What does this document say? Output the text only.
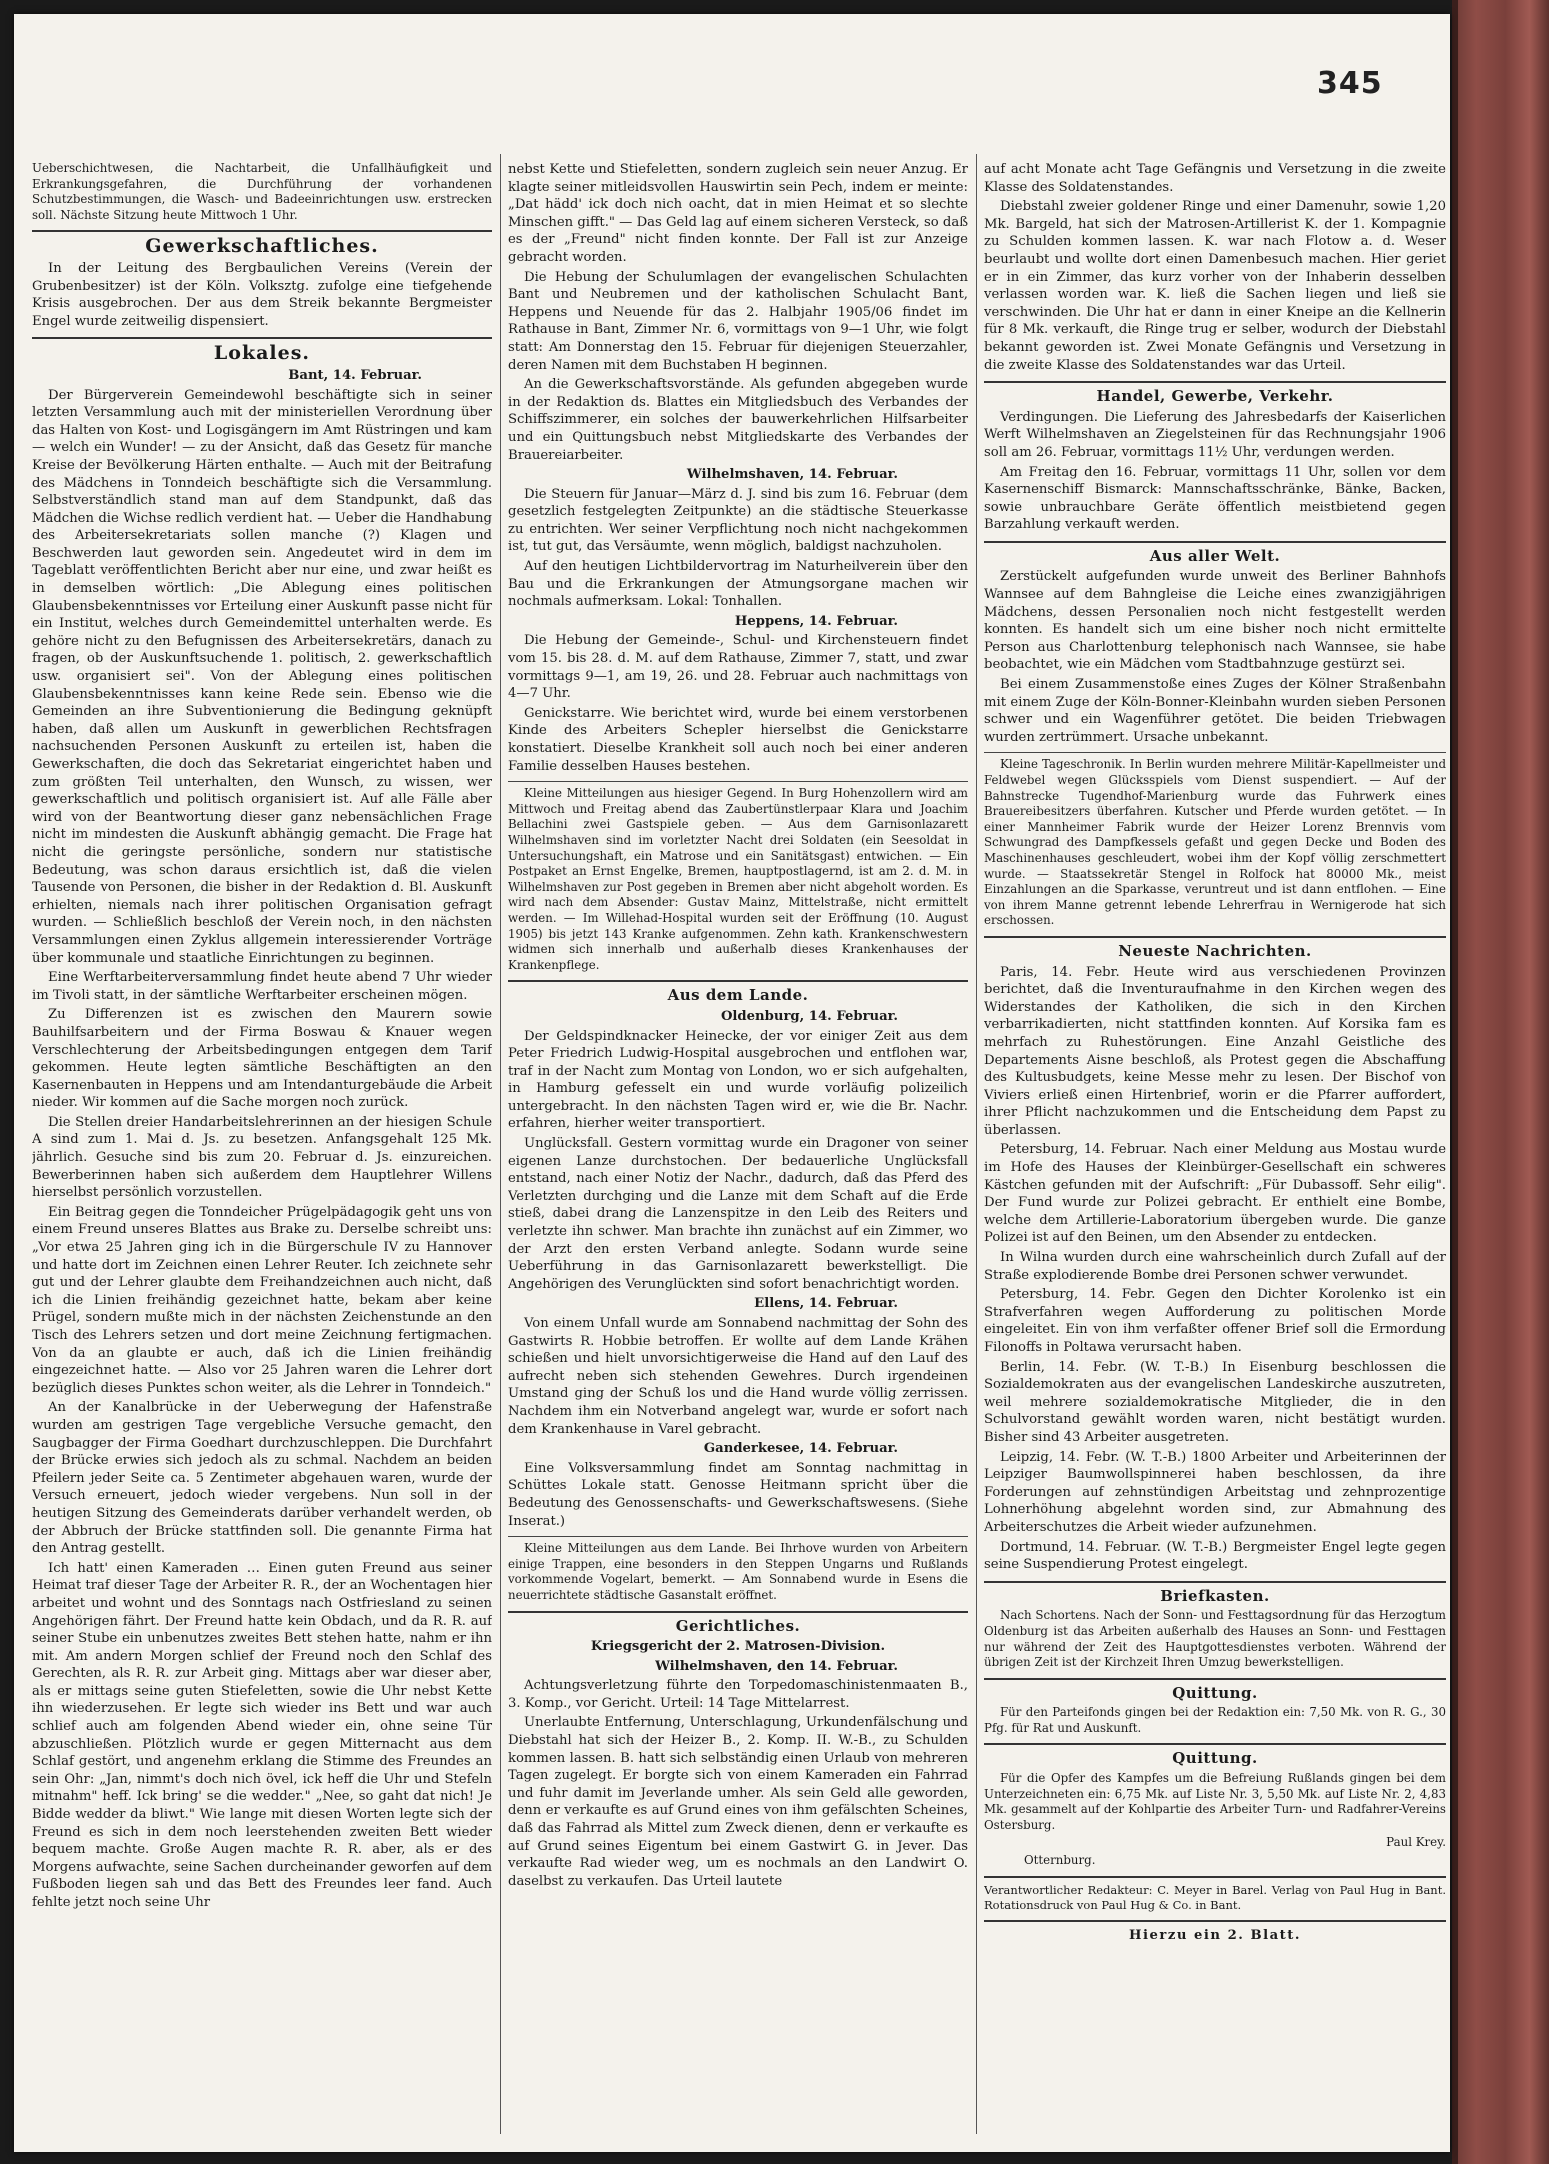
345

Ueberschichtwesen, die Nachtarbeit, die Unfallhäufigkeit und Erkrankungsgefahren, die Durchführung der vorhandenen Schutzbestimmungen, die Wasch- und Badeeinrichtungen usw. erstrecken soll. Nächste Sitzung heute Mittwoch 1 Uhr.

Gewerkschaftliches.

In der Leitung des Bergbaulichen Vereins (Verein der Grubenbesitzer) ist der Köln. Volksztg. zufolge eine tiefgehende Krisis ausgebrochen. Der aus dem Streik bekannte Bergmeister Engel wurde zeitweilig dispensiert.

Lokales.
Bant, 14. Februar.

Der Bürgerverein Gemeindewohl beschäftigte sich in seiner letzten Versammlung auch mit der ministeriellen Verordnung über das Halten von Kost- und Logisgängern im Amt Rüstringen und kam — welch ein Wunder! — zu der Ansicht, daß das Gesetz für manche Kreise der Bevölkerung Härten enthalte. — Auch mit der Beitrafung des Mädchens in Tonndeich beschäftigte sich die Versammlung. Selbstverständlich stand man auf dem Standpunkt, daß das Mädchen die Wichse redlich verdient hat. — Ueber die Handhabung des Arbeitersekretariats sollen manche (?) Klagen und Beschwerden laut geworden sein. Angedeutet wird in dem im Tageblatt veröffentlichten Bericht aber nur eine, und zwar heißt es in demselben wörtlich: „Die Ablegung eines politischen Glaubensbekenntnisses vor Erteilung einer Auskunft passe nicht für ein Institut, welches durch Gemeindemittel unterhalten werde. Es gehöre nicht zu den Befugnissen des Arbeitersekretärs, danach zu fragen, ob der Auskunftsuchende 1. politisch, 2. gewerkschaftlich usw. organisiert sei". Von der Ablegung eines politischen Glaubensbekenntnisses kann keine Rede sein. Ebenso wie die Gemeinden an ihre Subventionierung die Bedingung geknüpft haben, daß allen um Auskunft in gewerblichen Rechtsfragen nachsuchenden Personen Auskunft zu erteilen ist, haben die Gewerkschaften, die doch das Sekretariat eingerichtet haben und zum größten Teil unterhalten, den Wunsch, zu wissen, wer gewerkschaftlich und politisch organisiert ist. Auf alle Fälle aber wird von der Beantwortung dieser ganz nebensächlichen Frage nicht im mindesten die Auskunft abhängig gemacht. Die Frage hat nicht die geringste persönliche, sondern nur statistische Bedeutung, was schon daraus ersichtlich ist, daß die vielen Tausende von Personen, die bisher in der Redaktion d. Bl. Auskunft erhielten, niemals nach ihrer politischen Organisation gefragt wurden. — Schließlich beschloß der Verein noch, in den nächsten Versammlungen einen Zyklus allgemein interessierender Vorträge über kommunale und staatliche Einrichtungen zu beginnen.

Eine Werftarbeiterversammlung findet heute abend 7 Uhr wieder im Tivoli statt, in der sämtliche Werftarbeiter erscheinen mögen.

Zu Differenzen ist es zwischen den Maurern sowie Bauhilfsarbeitern und der Firma Boswau & Knauer wegen Verschlechterung der Arbeitsbedingungen entgegen dem Tarif gekommen. Heute legten sämtliche Beschäftigten an den Kasernenbauten in Heppens und am Intendanturgebäude die Arbeit nieder. Wir kommen auf die Sache morgen noch zurück.

Die Stellen dreier Handarbeitslehrerinnen an der hiesigen Schule A sind zum 1. Mai d. Js. zu besetzen. Anfangsgehalt 125 Mk. jährlich. Gesuche sind bis zum 20. Februar d. Js. einzureichen. Bewerberinnen haben sich außerdem dem Hauptlehrer Willens hierselbst persönlich vorzustellen.

Ein Beitrag gegen die Tonndeicher Prügelpädagogik geht uns von einem Freund unseres Blattes aus Brake zu. Derselbe schreibt uns: „Vor etwa 25 Jahren ging ich in die Bürgerschule IV zu Hannover und hatte dort im Zeichnen einen Lehrer Reuter. Ich zeichnete sehr gut und der Lehrer glaubte dem Freihandzeichnen auch nicht, daß ich die Linien freihändig gezeichnet hatte, bekam aber keine Prügel, sondern mußte mich in der nächsten Zeichenstunde an den Tisch des Lehrers setzen und dort meine Zeichnung fertigmachen. Von da an glaubte er auch, daß ich die Linien freihändig eingezeichnet hatte. — Also vor 25 Jahren waren die Lehrer dort bezüglich dieses Punktes schon weiter, als die Lehrer in Tonndeich."

An der Kanalbrücke in der Ueberwegung der Hafenstraße wurden am gestrigen Tage vergebliche Versuche gemacht, den Saugbagger der Firma Goedhart durchzuschleppen. Die Durchfahrt der Brücke erwies sich jedoch als zu schmal. Nachdem an beiden Pfeilern jeder Seite ca. 5 Zentimeter abgehauen waren, wurde der Versuch erneuert, jedoch wieder vergebens. Nun soll in der heutigen Sitzung des Gemeinderats darüber verhandelt werden, ob der Abbruch der Brücke stattfinden soll. Die genannte Firma hat den Antrag gestellt.

Ich hatt' einen Kameraden … Einen guten Freund aus seiner Heimat traf dieser Tage der Arbeiter R. R., der an Wochentagen hier arbeitet und wohnt und des Sonntags nach Ostfriesland zu seinen Angehörigen fährt. Der Freund hatte kein Obdach, und da R. R. auf seiner Stube ein unbenutzes zweites Bett stehen hatte, nahm er ihn mit. Am andern Morgen schlief der Freund noch den Schlaf des Gerechten, als R. R. zur Arbeit ging. Mittags aber war dieser aber, als er mittags seine guten Stiefeletten, sowie die Uhr nebst Kette ihn wiederzusehen. Er legte sich wieder ins Bett und war auch schlief auch am folgenden Abend wieder ein, ohne seine Tür abzuschließen. Plötzlich wurde er gegen Mitternacht aus dem Schlaf gestört, und angenehm erklang die Stimme des Freundes an sein Ohr: „Jan, nimmt's doch nich övel, ick heff die Uhr und Stefeln mitnahm" heff. Ick bring' se die wedder." „Nee, so gaht dat nich! Je Bidde wedder da bliwt." Wie lange mit diesen Worten legte sich der Freund es sich in dem noch leerstehenden zweiten Bett wieder bequem machte. Große Augen machte R. R. aber, als er des Morgens aufwachte, seine Sachen durcheinander geworfen auf dem Fußboden liegen sah und das Bett des Freundes leer fand. Auch fehlte jetzt noch seine Uhr

nebst Kette und Stiefeletten, sondern zugleich sein neuer Anzug. Er klagte seiner mitleidsvollen Hauswirtin sein Pech, indem er meinte: „Dat hädd' ick doch nich oacht, dat in mien Heimat et so slechte Minschen gifft." — Das Geld lag auf einem sicheren Versteck, so daß es der „Freund" nicht finden konnte. Der Fall ist zur Anzeige gebracht worden.

Die Hebung der Schulumlagen der evangelischen Schulachten Bant und Neubremen und der katholischen Schulacht Bant, Heppens und Neuende für das 2. Halbjahr 1905/06 findet im Rathause in Bant, Zimmer Nr. 6, vormittags von 9—1 Uhr, wie folgt statt: Am Donnerstag den 15. Februar für diejenigen Steuerzahler, deren Namen mit dem Buchstaben H beginnen.

An die Gewerkschaftsvorstände. Als gefunden abgegeben wurde in der Redaktion ds. Blattes ein Mitgliedsbuch des Verbandes der Schiffszimmerer, ein solches der bauwerkehrlichen Hilfsarbeiter und ein Quittungsbuch nebst Mitgliedskarte des Verbandes der Brauereiarbeiter.

Wilhelmshaven, 14. Februar.

Die Steuern für Januar—März d. J. sind bis zum 16. Februar (dem gesetzlich festgelegten Zeitpunkte) an die städtische Steuerkasse zu entrichten. Wer seiner Verpflichtung noch nicht nachgekommen ist, tut gut, das Versäumte, wenn möglich, baldigst nachzuholen.

Auf den heutigen Lichtbildervortrag im Naturheilverein über den Bau und die Erkrankungen der Atmungsorgane machen wir nochmals aufmerksam. Lokal: Tonhallen.

Heppens, 14. Februar.

Die Hebung der Gemeinde-, Schul- und Kirchensteuern findet vom 15. bis 28. d. M. auf dem Rathause, Zimmer 7, statt, und zwar vormittags 9—1, am 19, 26. und 28. Februar auch nachmittags von 4—7 Uhr.

Genickstarre. Wie berichtet wird, wurde bei einem verstorbenen Kinde des Arbeiters Schepler hierselbst die Genickstarre konstatiert. Dieselbe Krankheit soll auch noch bei einer anderen Familie desselben Hauses bestehen.

Kleine Mitteilungen aus hiesiger Gegend. In Burg Hohenzollern wird am Mittwoch und Freitag abend das Zaubertünstlerpaar Klara und Joachim Bellachini zwei Gastspiele geben. — Aus dem Garnisonlazarett Wilhelmshaven sind im vorletzter Nacht drei Soldaten (ein Seesoldat in Untersuchungshaft, ein Matrose und ein Sanitätsgast) entwichen. — Ein Postpaket an Ernst Engelke, Bremen, hauptpostlagernd, ist am 2. d. M. in Wilhelmshaven zur Post gegeben in Bremen aber nicht abgeholt worden. Es wird nach dem Absender: Gustav Mainz, Mittelstraße, nicht ermittelt werden. — Im Willehad-Hospital wurden seit der Eröffnung (10. August 1905) bis jetzt 143 Kranke aufgenommen. Zehn kath. Krankenschwestern widmen sich innerhalb und außerhalb dieses Krankenhauses der Krankenpflege.

Aus dem Lande.
Oldenburg, 14. Februar.

Der Geldspindknacker Heinecke, der vor einiger Zeit aus dem Peter Friedrich Ludwig-Hospital ausgebrochen und entflohen war, traf in der Nacht zum Montag von London, wo er sich aufgehalten, in Hamburg gefesselt ein und wurde vorläufig polizeilich untergebracht. In den nächsten Tagen wird er, wie die Br. Nachr. erfahren, hierher weiter transportiert.

Unglücksfall. Gestern vormittag wurde ein Dragoner von seiner eigenen Lanze durchstochen. Der bedauerliche Unglücksfall entstand, nach einer Notiz der Nachr., dadurch, daß das Pferd des Verletzten durchging und die Lanze mit dem Schaft auf die Erde stieß, dabei drang die Lanzenspitze in den Leib des Reiters und verletzte ihn schwer. Man brachte ihn zunächst auf ein Zimmer, wo der Arzt den ersten Verband anlegte. Sodann wurde seine Ueberführung in das Garnisonlazarett bewerkstelligt. Die Angehörigen des Verunglückten sind sofort benachrichtigt worden.

Ellens, 14. Februar.

Von einem Unfall wurde am Sonnabend nachmittag der Sohn des Gastwirts R. Hobbie betroffen. Er wollte auf dem Lande Krähen schießen und hielt unvorsichtigerweise die Hand auf den Lauf des aufrecht neben sich stehenden Gewehres. Durch irgendeinen Umstand ging der Schuß los und die Hand wurde völlig zerrissen. Nachdem ihm ein Notverband angelegt war, wurde er sofort nach dem Krankenhause in Varel gebracht.

Ganderkesee, 14. Februar.

Eine Volksversammlung findet am Sonntag nachmittag in Schüttes Lokale statt. Genosse Heitmann spricht über die Bedeutung des Genossenschafts- und Gewerkschaftswesens. (Siehe Inserat.)

Kleine Mitteilungen aus dem Lande. Bei Ihrhove wurden von Arbeitern einige Trappen, eine besonders in den Steppen Ungarns und Rußlands vorkommende Vogelart, bemerkt. — Am Sonnabend wurde in Esens die neuerrichtete städtische Gasanstalt eröffnet.

Gerichtliches.

Kriegsgericht der 2. Matrosen-Division.

Wilhelmshaven, den 14. Februar.

Achtungsverletzung führte den Torpedomaschinistenmaaten B., 3. Komp., vor Gericht. Urteil: 14 Tage Mittelarrest.

Unerlaubte Entfernung, Unterschlagung, Urkundenfälschung und Diebstahl hat sich der Heizer B., 2. Komp. II. W.-B., zu Schulden kommen lassen. B. hatt sich selbständig einen Urlaub von mehreren Tagen zugelegt. Er borgte sich von einem Kameraden ein Fahrrad und fuhr damit im Jeverlande umher. Als sein Geld alle geworden, denn er verkaufte es auf Grund eines von ihm gefälschten Scheines, daß das Fahrrad als Mittel zum Zweck dienen, denn er verkaufte es auf Grund seines Eigentum bei einem Gastwirt G. in Jever. Das verkaufte Rad wieder weg, um es nochmals an den Landwirt O. daselbst zu verkaufen. Das Urteil lautete

auf acht Monate acht Tage Gefängnis und Versetzung in die zweite Klasse des Soldatenstandes.

Diebstahl zweier goldener Ringe und einer Damenuhr, sowie 1,20 Mk. Bargeld, hat sich der Matrosen-Artillerist K. der 1. Kompagnie zu Schulden kommen lassen. K. war nach Flotow a. d. Weser beurlaubt und wollte dort einen Damenbesuch machen. Hier geriet er in ein Zimmer, das kurz vorher von der Inhaberin desselben verlassen worden war. K. ließ die Sachen liegen und ließ sie verschwinden. Die Uhr hat er dann in einer Kneipe an die Kellnerin für 8 Mk. verkauft, die Ringe trug er selber, wodurch der Diebstahl bekannt geworden ist. Zwei Monate Gefängnis und Versetzung in die zweite Klasse des Soldatenstandes war das Urteil.

Handel, Gewerbe, Verkehr.

Verdingungen. Die Lieferung des Jahresbedarfs der Kaiserlichen Werft Wilhelmshaven an Ziegelsteinen für das Rechnungsjahr 1906 soll am 26. Februar, vormittags 11½ Uhr, verdungen werden.

Am Freitag den 16. Februar, vormittags 11 Uhr, sollen vor dem Kasernenschiff Bismarck: Mannschaftsschränke, Bänke, Backen, sowie unbrauchbare Geräte öffentlich meistbietend gegen Barzahlung verkauft werden.

Aus aller Welt.

Zerstückelt aufgefunden wurde unweit des Berliner Bahnhofs Wannsee auf dem Bahngleise die Leiche eines zwanzigjährigen Mädchens, dessen Personalien noch nicht festgestellt werden konnten. Es handelt sich um eine bisher noch nicht ermittelte Person aus Charlottenburg telephonisch nach Wannsee, sie habe beobachtet, wie ein Mädchen vom Stadtbahnzuge gestürzt sei.

Bei einem Zusammenstoße eines Zuges der Kölner Straßenbahn mit einem Zuge der Köln-Bonner-Kleinbahn wurden sieben Personen schwer und ein Wagenführer getötet. Die beiden Triebwagen wurden zertrümmert. Ursache unbekannt.

Kleine Tageschronik. In Berlin wurden mehrere Militär-Kapellmeister und Feldwebel wegen Glücksspiels vom Dienst suspendiert. — Auf der Bahnstrecke Tugendhof-Marienburg wurde das Fuhrwerk eines Brauereibesitzers überfahren. Kutscher und Pferde wurden getötet. — In einer Mannheimer Fabrik wurde der Heizer Lorenz Brennvis vom Schwungrad des Dampfkessels gefaßt und gegen Decke und Boden des Maschinenhauses geschleudert, wobei ihm der Kopf völlig zerschmettert wurde. — Staatssekretär Stengel in Rolfock hat 80000 Mk., meist Einzahlungen an die Sparkasse, veruntreut und ist dann entflohen. — Eine von ihrem Manne getrennt lebende Lehrerfrau in Wernigerode hat sich erschossen.

Neueste Nachrichten.

Paris, 14. Febr. Heute wird aus verschiedenen Provinzen berichtet, daß die Inventuraufnahme in den Kirchen wegen des Widerstandes der Katholiken, die sich in den Kirchen verbarrikadierten, nicht stattfinden konnten. Auf Korsika fam es mehrfach zu Ruhestörungen. Eine Anzahl Geistliche des Departements Aisne beschloß, als Protest gegen die Abschaffung des Kultusbudgets, keine Messe mehr zu lesen. Der Bischof von Viviers erließ einen Hirtenbrief, worin er die Pfarrer auffordert, ihrer Pflicht nachzukommen und die Entscheidung dem Papst zu überlassen.

Petersburg, 14. Februar. Nach einer Meldung aus Mostau wurde im Hofe des Hauses der Kleinbürger-Gesellschaft ein schweres Kästchen gefunden mit der Aufschrift: „Für Dubassoff. Sehr eilig". Der Fund wurde zur Polizei gebracht. Er enthielt eine Bombe, welche dem Artillerie-Laboratorium übergeben wurde. Die ganze Polizei ist auf den Beinen, um den Absender zu entdecken.

In Wilna wurden durch eine wahrscheinlich durch Zufall auf der Straße explodierende Bombe drei Personen schwer verwundet.

Petersburg, 14. Febr. Gegen den Dichter Korolenko ist ein Strafverfahren wegen Aufforderung zu politischen Morde eingeleitet. Ein von ihm verfaßter offener Brief soll die Ermordung Filonoffs in Poltawa verursacht haben.

Berlin, 14. Febr. (W. T.-B.) In Eisenburg beschlossen die Sozialdemokraten aus der evangelischen Landeskirche auszutreten, weil mehrere sozialdemokratische Mitglieder, die in den Schulvorstand gewählt worden waren, nicht bestätigt wurden. Bisher sind 43 Arbeiter ausgetreten.

Leipzig, 14. Febr. (W. T.-B.) 1800 Arbeiter und Arbeiterinnen der Leipziger Baumwollspinnerei haben beschlossen, da ihre Forderungen auf zehnstündigen Arbeitstag und zehnprozentige Lohnerhöhung abgelehnt worden sind, zur Abmahnung des Arbeiterschutzes die Arbeit wieder aufzunehmen.

Dortmund, 14. Februar. (W. T.-B.) Bergmeister Engel legte gegen seine Suspendierung Protest eingelegt.

Briefkasten.

Nach Schortens. Nach der Sonn- und Festtagsordnung für das Herzogtum Oldenburg ist das Arbeiten außerhalb des Hauses an Sonn- und Festtagen nur während der Zeit des Hauptgottesdienstes verboten. Während der übrigen Zeit ist der Kirchzeit Ihren Umzug bewerkstelligen.

Quittung.

Für den Parteifonds gingen bei der Redaktion ein: 7,50 Mk. von R. G., 30 Pfg. für Rat und Auskunft.

Quittung.

Für die Opfer des Kampfes um die Befreiung Rußlands gingen bei dem Unterzeichneten ein: 6,75 Mk. auf Liste Nr. 3, 5,50 Mk. auf Liste Nr. 2, 4,83 Mk. gesammelt auf der Kohlpartie des Arbeiter Turn- und Radfahrer-Vereins Ostersburg.

Paul Krey.

Otternburg.

Verantwortlicher Redakteur: C. Meyer in Barel. Verlag von Paul Hug in Bant. Rotationsdruck von Paul Hug & Co. in Bant.

Hierzu ein 2. Blatt.
